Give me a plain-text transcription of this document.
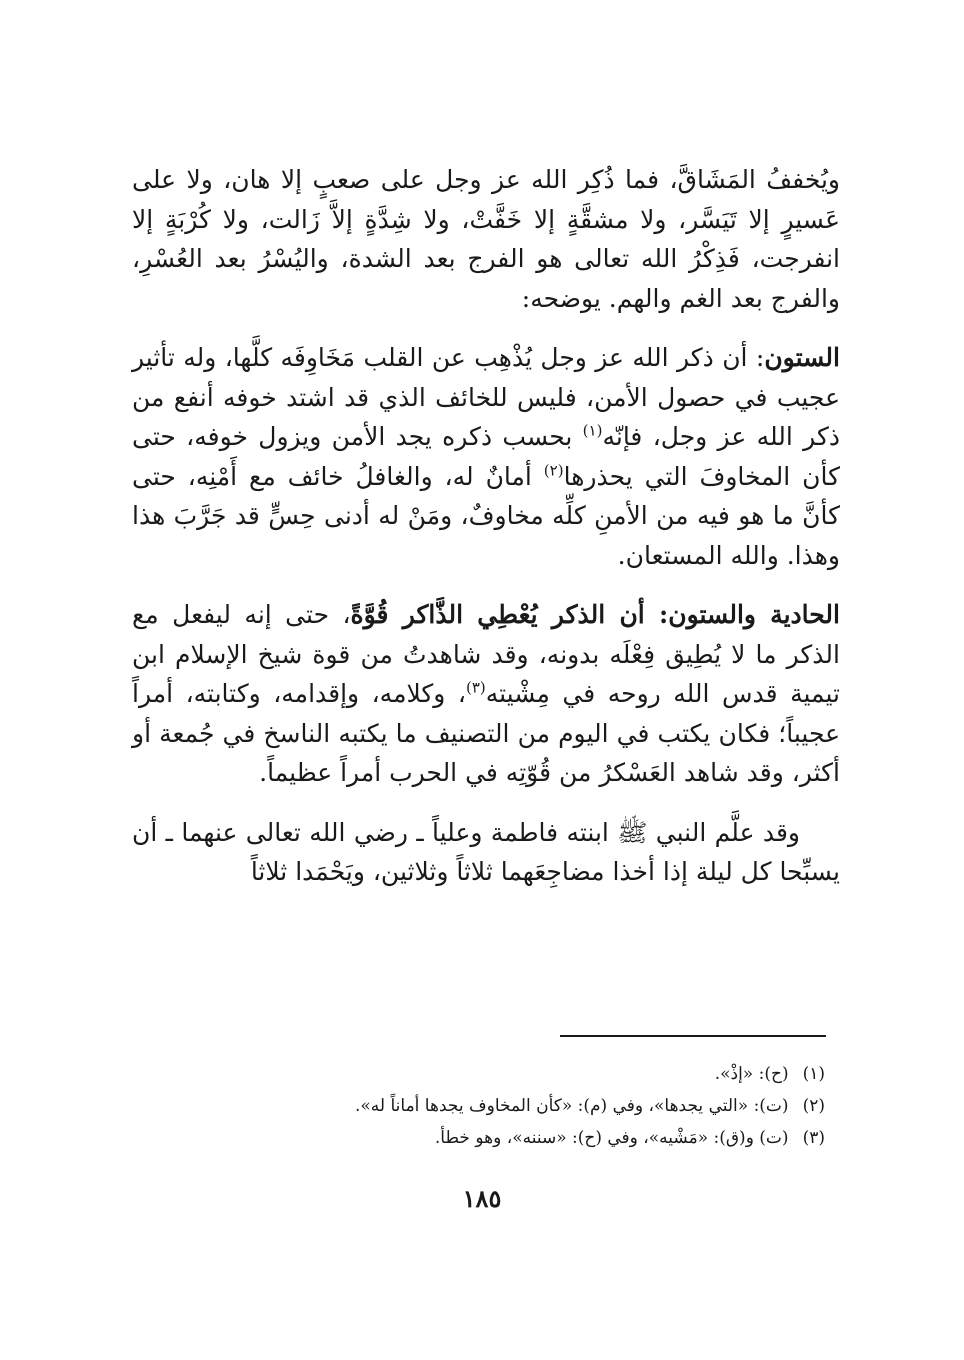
ويُخففُ المَشَاقَّ، فما ذُكِر الله عز وجل على صعبٍ إلا هان، ولا على عَسيرٍ إلا تَيَسَّر، ولا مشقَّةٍ إلا خَفَّتْ، ولا شِدَّةٍ إلاَّ زَالت، ولا كُرْبَةٍ إلا انفرجت، فَذِكْرُ الله تعالى هو الفرج بعد الشدة، واليُسْرُ بعد العُسْرِ، والفرج بعد الغم والهم. يوضحه:

الستون: أن ذكر الله عز وجل يُذْهِب عن القلب مَخَاوِفَه كلَّها، وله تأثير عجيب في حصول الأمن، فليس للخائف الذي قد اشتد خوفه أنفع من ذكر الله عز وجل، فإنّه$^{(١)}$ بحسب ذكره يجد الأمن ويزول خوفه، حتى كأن المخاوفَ التي يحذرها$^{(٢)}$ أمانٌ له، والغافلُ خائف مع أَمْنِه، حتى كأنَّ ما هو فيه من الأمنِ كلِّه مخاوفٌ، ومَنْ له أدنى حِسٍّ قد جَرَّبَ هذا وهذا. والله المستعان.

الحادية والستون: أن الذكر يُعْطِي الذَّاكر قُوَّةً، حتى إنه ليفعل مع الذكر ما لا يُطِيق فِعْلَه بدونه، وقد شاهدتُ من قوة شيخ الإسلام ابن تيمية قدس الله روحه في مِشْيته$^{(٣)}$، وكلامه، وإقدامه، وكتابته، أمراً عجيباً؛ فكان يكتب في اليوم من التصنيف ما يكتبه الناسخ في جُمعة أو أكثر، وقد شاهد العَسْكرُ من قُوّتِه في الحرب أمراً عظيماً.

وقد علَّم النبي ﷺ ابنته فاطمة وعلياً ـ رضي الله تعالى عنهما ـ أن يسبِّحا كل ليلة إذا أخذا مضاجِعَهما ثلاثاً وثلاثين، ويَحْمَدا ثلاثاً

(١)(ح): «إذْ».
(٢)(ت): «التي يجدها»، وفي (م): «كأن المخاوف يجدها أماناً له».
(٣)(ت) و(ق): «مَشْيه»، وفي (ح): «سننه»، وهو خطأ.
١٨٥
